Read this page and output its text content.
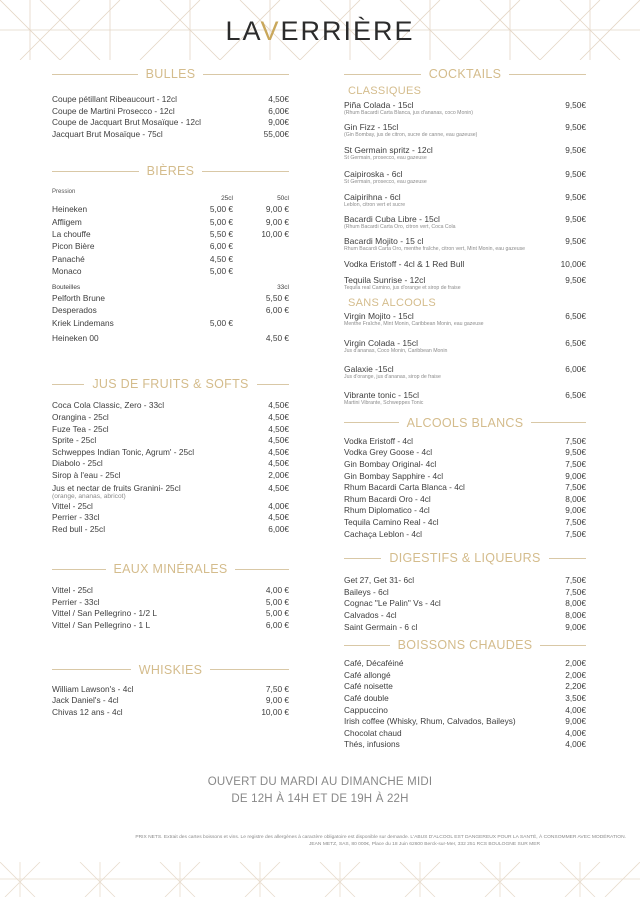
LAVERRIÈRE
BULLES
Coupe pétillant Ribeaucourt - 12cl	4,50€
Coupe de Martini Prosecco - 12cl	6,00€
Coupe de Jacquart Brut Mosaïque - 12cl	9,00€
Jacquart Brut Mosaïque - 75cl	55,00€
BIÈRES
Pression
25cl	50cl
Heineken	5,00 €	9,00 €
Affligem	5,00 €	9,00 €
La chouffe	5,50 €	10,00 €
Picon Bière	6,00 €
Panaché	4,50 €
Monaco	5,00 €
Bouteilles	33cl
Pelforth Brune	5,50 €
Desperados	6,00 €
Kriek Lindemans	5,00 €
Heineken 00	4,50 €
JUS DE FRUITS & SOFTS
Coca Cola Classic, Zero - 33cl	4,50€
Orangina - 25cl	4,50€
Fuze Tea - 25cl	4,50€
Sprite - 25cl	4,50€
Schweppes Indian Tonic, Agrum' - 25cl	4,50€
Diabolo - 25cl	4,50€
Sirop à l'eau - 25cl	2,00€
Jus et nectar de fruits Granini- 25cl	4,50€
(orange, ananas, abricot)
Vittel - 25cl	4,00€
Perrier - 33cl	4,50€
Red bull - 25cl	6,00€
EAUX MINÉRALES
Vittel - 25cl	4,00 €
Perrier - 33cl	5,00 €
Vittel / San Pellegrino - 1/2 L	5,00 €
Vittel / San Pellegrino - 1 L	6,00 €
WHISKIES
William Lawson's - 4cl	7,50 €
Jack Daniel's - 4cl	9,00 €
Chivas 12 ans - 4cl	10,00 €
COCKTAILS
CLASSIQUES
Piña Colada - 15cl
(Rhum Bacardi Carta Blanca, jus d'ananas, coco Monin)
9,50€
Gin Fizz - 15cl
(Gin Bombay, jus de citron, sucre de canne, eau gazeuse)
9,50€
St Germain spritz - 12cl
St Germain, prosecco, eau gazeuse
9,50€
Caipiroska - 6cl
St Germain, prosecco, eau gazeuse
9,50€
Caipirihna - 6cl
Leblon, citron vert et sucre
9,50€
Bacardi Cuba Libre - 15cl
(Rhum Bacardi Carta Oro, citron vert, Coca Cola
9,50€
Bacardi Mojito - 15 cl
Rhum Bacardi Carta Oro, menthe fraîche, citron vert, Mint Monin, eau gazeuse
9,50€
Vodka Eristoff - 4cl & 1 Red Bull	10,00€
Tequila Sunrise - 12cl
Tequila real Camino, jus d'orange et sirop de fraise
9,50€
SANS ALCOOLS
Virgin Mojito - 15cl
Menthe Fraîche, Mint Monin, Caribbean Monin, eau gazeuse
6,50€
Virgin Colada - 15cl
Jus d'ananas, Coco Monin, Caribbean Monin
6,50€
Galaxie -15cl
Jus d'orange, jus d'ananas, sirop de fraise
6,00€
Vibrante tonic - 15cl
Martini Vibrante, Schweppes Tonic
6,50€
ALCOOLS BLANCS
Vodka Eristoff - 4cl	7,50€
Vodka Grey Goose - 4cl	9,50€
Gin Bombay Original- 4cl	7,50€
Gin Bombay Sapphire - 4cl	9,00€
Rhum Bacardi Carta Blanca - 4cl	7,50€
Rhum Bacardi Oro - 4cl	8,00€
Rhum Diplomatico - 4cl	9,00€
Tequila Camino Real - 4cl	7,50€
Cachaça Leblon - 4cl	7,50€
DIGESTIFS & LIQUEURS
Get 27, Get 31- 6cl	7,50€
Baileys - 6cl	7,50€
Cognac "Le Palin" Vs - 4cl	8,00€
Calvados - 4cl	8,00€
Saint Germain - 6 cl	9,00€
BOISSONS CHAUDES
Café, Décaféiné	2,00€
Café allongé	2,00€
Café noisette	2,20€
Café double	3,50€
Cappuccino	4,00€
Irish coffee (Whisky, Rhum, Calvados, Baileys)	9,00€
Chocolat chaud	4,00€
Thés, infusions	4,00€
OUVERT DU MARDI AU DIMANCHE MIDI
DE 12H À 14H ET DE 19H À 22H
PRIX NETS. Extrait des cartes boissons et vins. Le registre des allergènes à caractère obligatoire est disponible sur demande. L'ABUS D'ALCOOL EST DANGEREUX POUR LA SANTÉ, À CONSOMMER AVEC MODÉRATION.
JEAN METZ, SAS, 80 000€, Place du 18 Juin 62600 Berck-sur-Mer, 332 251 RCS BOULOGNE SUR MER
